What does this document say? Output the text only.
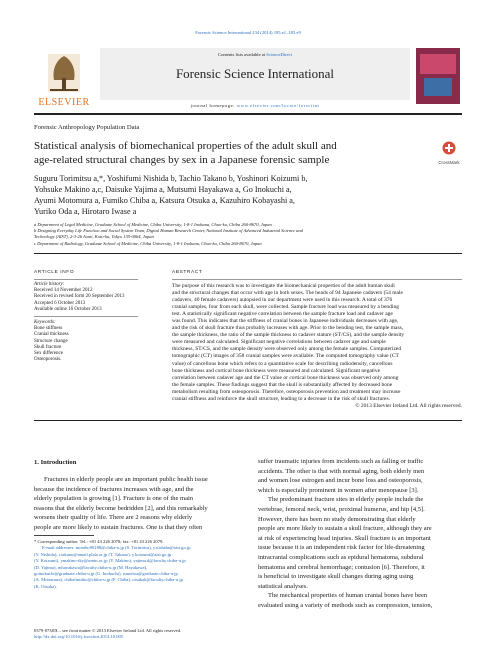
Forensic Science International 234 (2014) 185.e1–185.e9
ELSEVIER
Contents lists available at ScienceDirect
Forensic Science International
journal homepage: www.elsevier.com/locate/forsciint
Forensic Anthropology Population Data
Statistical analysis of biomechanical properties of the adult skull and
age-related structural changes by sex in a Japanese forensic sample	CrossMark
Suguru Torimitsu a,*, Yoshifumi Nishida b, Tachio Takano b, Yoshinori Koizumi b,
Yohsuke Makino a,c, Daisuke Yajima a, Mutsumi Hayakawa a, Go Inokuchi a,
Ayumi Motomura a, Fumiko Chiba a, Katsura Otsuka a, Kazuhiro Kobayashi a,
Yuriko Oda a, Hirotaro Iwase a
a Department of Legal Medicine, Graduate School of Medicine, Chiba University, 1-8-1 Inohana, Chuo-ku, Chiba 260-8670, Japan
b Designing Everyday Life Function and Social System Team, Digital Human Research Center, National Institute of Advanced Industrial Science and
Technology (AIST), 2-3-26 Aomi, Koto-ku, Tokyo 135-0064, Japan
c Department of Radiology, Graduate School of Medicine, Chiba University, 1-8-1 Inohana, Chuo-ku, Chiba 260-8670, Japan
ARTICLE INFO
Article history:
Received 14 November 2012
Received in revised form 20 September 2013
Accepted 6 October 2013
Available online 16 October 2013
Keywords:
Bone stiffness
Cranial thickness
Structure change
Skull fracture
Sex difference
Osteoporosis.
ABSTRACT
The purpose of this research was to investigate the biomechanical properties of the adult human skull
and the structural changes that occur with age in both sexes. The heads of 94 Japanese cadavers (54 male
cadavers, 40 female cadavers) autopsied in our department were used in this research. A total of 376
cranial samples, four from each skull, were collected. Sample fracture load was measured by a bending
test. A statistically significant negative correlation between the sample fracture load and cadaver age
was found. This indicates that the stiffness of cranial bones in Japanese individuals decreases with age,
and the risk of skull fracture thus probably increases with age. Prior to the bending test, the sample mass,
the sample thickness, the ratio of the sample thickness to cadaver stature (ST/CS), and the sample density
were measured and calculated. Significant negative correlations between cadaver age and sample
thickness, ST/CS, and the sample density were observed only among the female samples. Computerized
tomographic (CT) images of 358 cranial samples were available. The computed tomography value (CT
value) of cancellous bone which refers to a quantitative scale for describing radiodensity, cancellous
bone thickness and cortical bone thickness were measured and calculated. Significant negative
correlation between cadaver age and the CT value or cortical bone thickness was observed only among
the female samples. These findings suggest that the skull is substantially affected by decreased bone
metabolism resulting from osteoporosis. Therefore, osteoporosis prevention and treatment may increase
cranial stiffness and reinforce the skull structure, leading to a decrease in the risk of skull fractures.
© 2013 Elsevier Ireland Ltd. All rights reserved.
1. Introduction
Fractures in elderly people are an important public health issue
because the incidence of fractures increases with age, and the
elderly population is growing [1]. Fracture is one of the main
reasons that the elderly become bedridden [2], and this remarkably
worsens their quality of life. There are 2 reasons why elderly
people are more likely to sustain fractures. One is that they often
suffer traumatic injuries from incidents such as falling or traffic
accidents. The other is that with normal aging, both elderly men
and women lose estrogen and incur bone loss and osteoporosis,
which is especially prominent in women after menopause [3].
The predominant fracture sites in elderly people include the
vertebrae, femoral neck, wrist, proximal humerus, and hip [4,5].
However, there has been no study demonstrating that elderly
people are more likely to sustain a skull fracture, although they are
at risk of experiencing head injuries. Skull fracture is an important
issue because it is an independent risk factor for life-threatening
intracranial complications such as epidural hematoma, subdural
hematoma and cerebral hemorrhage; contusion [6]. Therefore, it
is beneficial to investigate skull changes during aging using
statistical analyses.
The mechanical properties of human cranial bones have been
evaluated using a variety of methods such as compression, tension,
* Corresponding author. Tel.: +81 43 226 2078; fax: +81 43 226 2079.
E-mail addresses: mombo90188@chiba-u.jp (S. Torimitsu), y.nishida@aist.go.jp
(Y. Nishida), t.takano@amail.plala.or.jp (T. Takano), y.koizumi@aist.go.jp
(Y. Koizumi), ymakino-tky@umin.ac.jp (Y. Makino), yajima.d@faculty.chiba-u.jp
(D. Yajima), mhayakawa@faculty.chiba-u.jp (M. Hayakawa),
goinokuchi@graduate.chiba-u.jp (G. Inokuchi), tsunetoa@graduate.chiba-u.jp
(A. Motomura), chibafumiko@chiba-u.jp (F. Chiba), otsukak@faculty.chiba-u.jp
(K. Otsuka).
0379-0738/$ – see front matter © 2013 Elsevier Ireland Ltd. All rights reserved.
http://dx.doi.org/10.1016/j.forsciint.2013.10.005
